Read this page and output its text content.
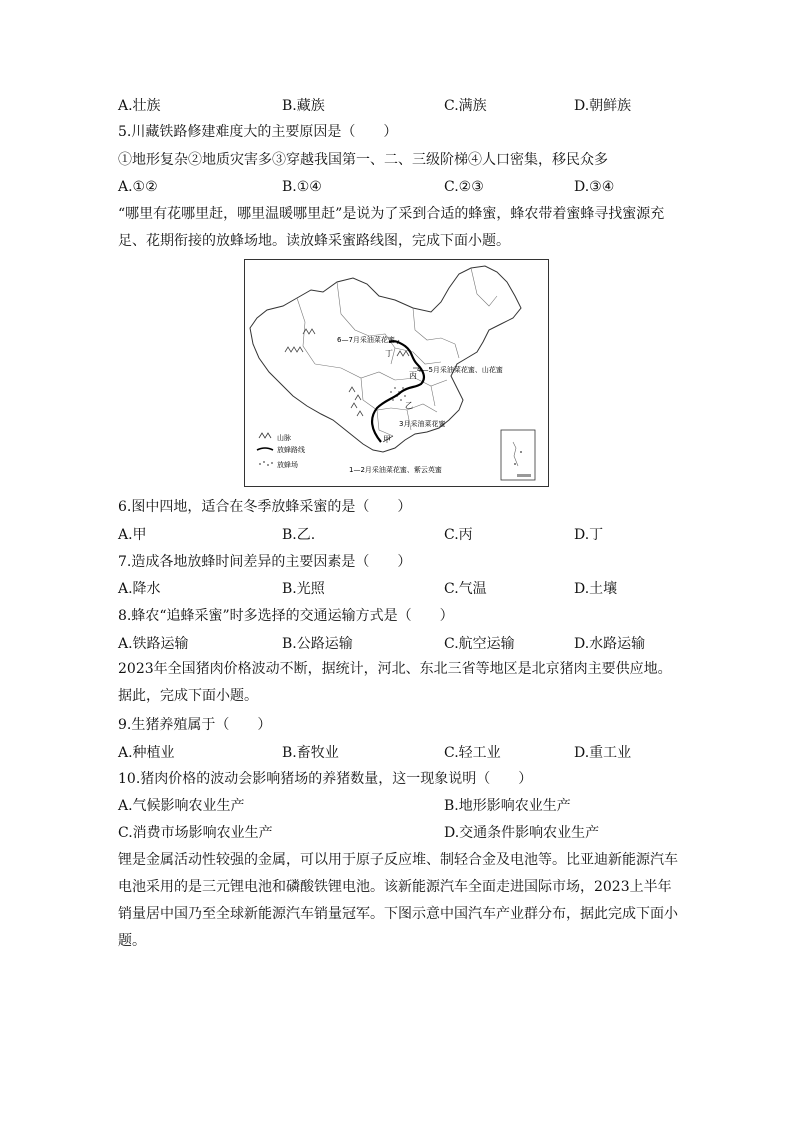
A.壮族	B.藏族	C.满族	D.朝鲜族
5.川藏铁路修建难度大的主要原因是（　　）
①地形复杂②地质灾害多③穿越我国第一、二、三级阶梯④人口密集，移民众多
A.①②	B.①④	C.②③	D.③④
“哪里有花哪里赶，哪里温暖哪里赶”是说为了采到合适的蜂蜜，蜂农带着蜜蜂寻找蜜源充足、花期衔接的放蜂场地。读放蜂采蜜路线图，完成下面小题。
6—7月采油菜花蜜
4—5月采油菜花蜜、山花蜜
3月采油菜花蜜
1—2月采油菜花蜜、紫云英蜜
丁
丙
乙
甲
山脉
放蜂路线
放蜂场
6.图中四地，适合在冬季放蜂采蜜的是（　　）
A.甲	B.乙.	C.丙	D.丁
7.造成各地放蜂时间差异的主要因素是（　　）
A.降水	B.光照	C.气温	D.土壤
8.蜂农“追蜂采蜜”时多选择的交通运输方式是（　　）
A.铁路运输	B.公路运输	C.航空运输	D.水路运输
2023年全国猪肉价格波动不断，据统计，河北、东北三省等地区是北京猪肉主要供应地。据此，完成下面小题。
9.生猪养殖属于（　　）
A.种植业	B.畜牧业	C.轻工业	D.重工业
10.猪肉价格的波动会影响猪场的养猪数量，这一现象说明（　　）
A.气候影响农业生产	B.地形影响农业生产
C.消费市场影响农业生产	D.交通条件影响农业生产
锂是金属活动性较强的金属，可以用于原子反应堆、制轻合金及电池等。比亚迪新能源汽车电池采用的是三元锂电池和磷酸铁锂电池。该新能源汽车全面走进国际市场，2023上半年销量居中国乃至全球新能源汽车销量冠军。下图示意中国汽车产业群分布，据此完成下面小题。
